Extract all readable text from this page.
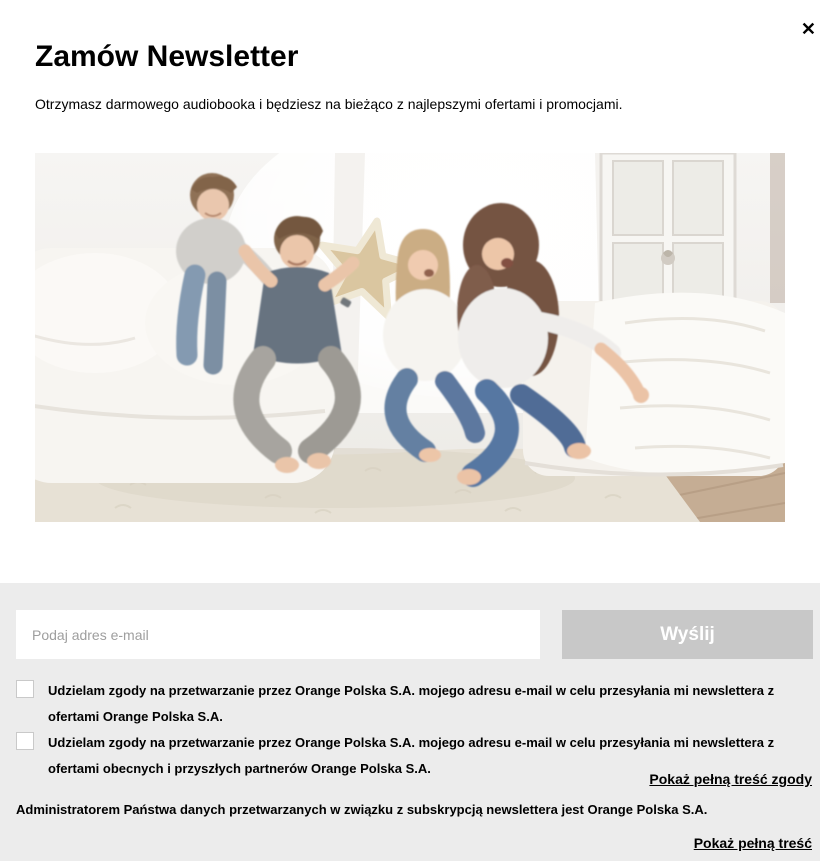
✕
Zamów Newsletter

Otrzymasz darmowego audiobooka i będziesz na bieżąco z najlepszymi ofertami i promocjami.

Podaj adres e-mail
Wyślij
Udzielam zgody na przetwarzanie przez Orange Polska S.A. mojego adresu e-mail w celu przesyłania mi newslettera z ofertami Orange Polska S.A.
Udzielam zgody na przetwarzanie przez Orange Polska S.A. mojego adresu e-mail w celu przesyłania mi newslettera z ofertami obecnych i przyszłych partnerów Orange Polska S.A.
Pokaż pełną treść zgody

Administratorem Państwa danych przetwarzanych w związku z subskrypcją newslettera jest Orange Polska S.A.

Pokaż pełną treść
